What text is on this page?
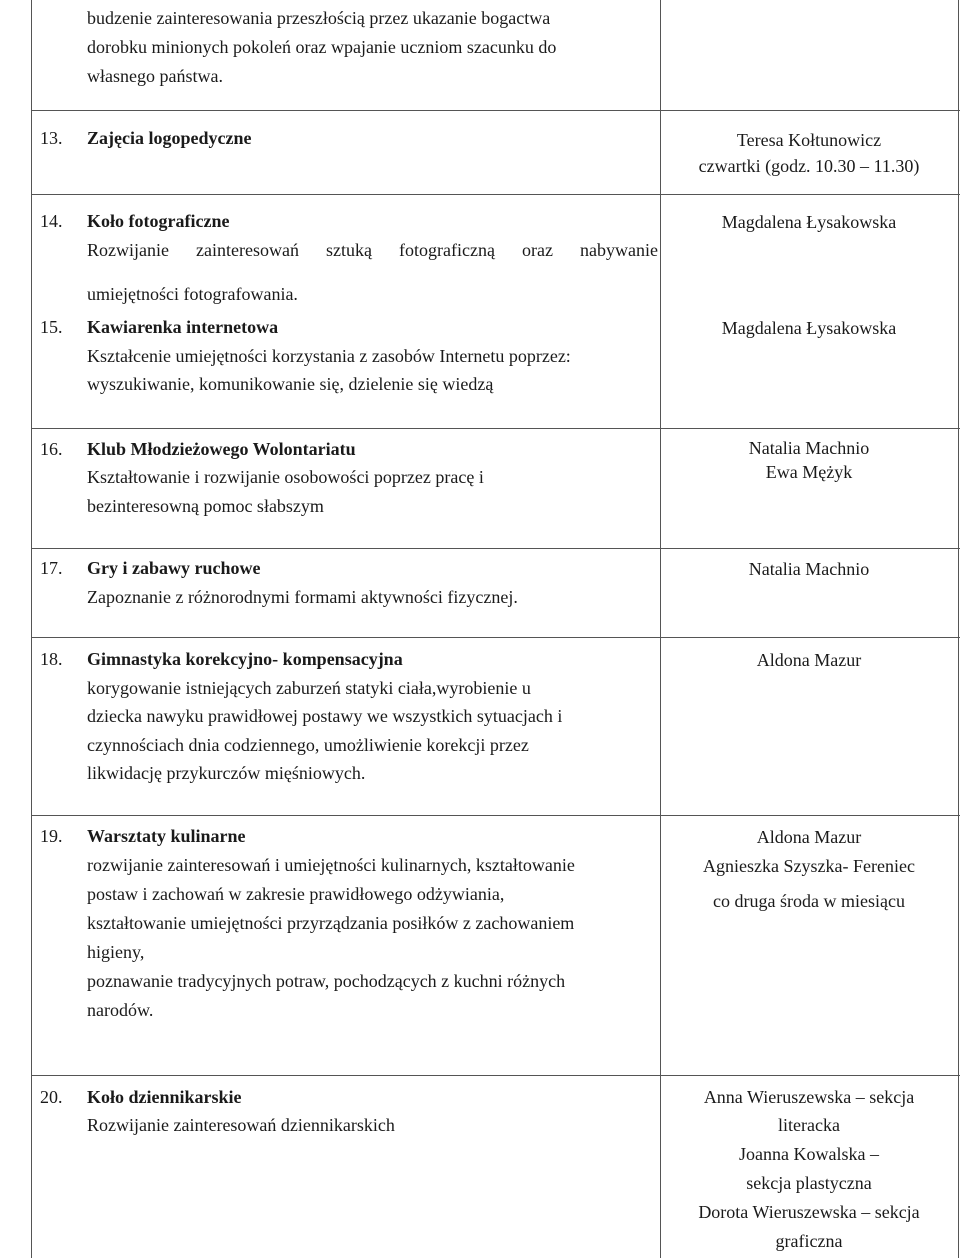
budzenie zainteresowania przeszłością przez ukazanie bogactwa
dorobku minionych pokoleń oraz wpajanie uczniom szacunku do
własnego państwa.
13. Zajęcia logopedyczne	Teresa Kołtunowicz
czwartki (godz. 10.30 – 11.30)
14. Koło fotograficzne
Rozwijanie zainteresowań sztuką fotograficzną oraz nabywanie
umiejętności fotografowania.
Magdalena Łysakowska
15. Kawiarenka internetowa
Kształcenie umiejętności korzystania z zasobów Internetu poprzez:
wyszukiwanie, komunikowanie się, dzielenie się wiedzą
Magdalena Łysakowska
16. Klub Młodzieżowego Wolontariatu
Kształtowanie i rozwijanie osobowości poprzez pracę i
bezinteresowną pomoc słabszym
Natalia Machnio
Ewa Mężyk
17. Gry i zabawy ruchowe
Zapoznanie z różnorodnymi formami aktywności fizycznej.
Natalia Machnio
18. Gimnastyka korekcyjno- kompensacyjna
korygowanie istniejących zaburzeń statyki ciała,wyrobienie u
dziecka nawyku prawidłowej postawy we wszystkich sytuacjach i
czynnościach dnia codziennego, umożliwienie korekcji przez
likwidację przykurczów mięśniowych.
Aldona Mazur
19. Warsztaty kulinarne
rozwijanie zainteresowań i umiejętności kulinarnych, kształtowanie
postaw i zachowań w zakresie prawidłowego odżywiania,
kształtowanie umiejętności przyrządzania posiłków z zachowaniem
higieny,
poznawanie tradycyjnych potraw, pochodzących z kuchni różnych
narodów.
Aldona Mazur
Agnieszka Szyszka- Fereniec
co druga środa w miesiącu
20. Koło dziennikarskie
Rozwijanie zainteresowań dziennikarskich
Anna Wieruszewska – sekcja
literacka
Joanna Kowalska –
sekcja plastyczna
Dorota Wieruszewska – sekcja
graficzna
